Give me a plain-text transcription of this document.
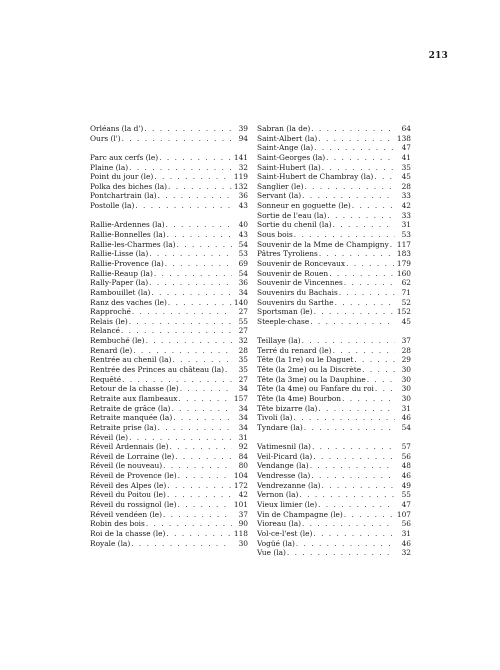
213
Orléans (la d') . . .	39
Ours (l') . . .	94
Parc aux cerfs (le) . . .	141
Plaine (la) . . .	32
Point du jour (le) . . .	119
Polka des biches (la) . . .	132
Pontchartrain (la) . . .	36
Postolle (la) . . .	43
Rallie-Ardennes (la) . . .	40
Rallie-Bonnelles (la) . . .	43
Rallie-les-Charmes (la) . . .	54
Rallie-Lisse (la) . . .	53
Rallie-Provence (la) . . .	69
Rallie-Reaup (la) . . .	54
Rally-Paper (la) . . .	36
Rambouillet (la) . . .	34
Ranz des vaches (le) . . .	140
Rapproché . . .	27
Relais (le) . . .	55
Relancé . . .	27
Rembuché (le) . . .	32
Renard (le) . . .	28
Rentrée au chenil (la) . . .	35
Rentrée des Princes au château (la) . . .	35
Requêté . . .	27
Retour de la chasse (le) . . .	34
Retraite aux flambeaux . . .	157
Retraite de grâce (la) . . .	34
Retraite manquée (la) . . .	34
Retraite prise (la) . . .	34
Réveil (le) . . .	31
Réveil Ardennais (le) . . .	92
Réveil de Lorraine (le) . . .	84
Réveil (le nouveau) . . .	80
Réveil de Provence (le) . . .	104
Réveil des Alpes (le) . . .	172
Réveil du Poitou (le) . . .	42
Réveil du rossignol (le) . . .	101
Réveil vendéen (le) . . .	37
Robin des bois . . .	90
Roi de la chasse (le) . . .	118
Royale (la) . . .	30
Sabran (la de) . . .	64
Saint-Albert (la) . . .	138
Saint-Ange (la) . . .	47
Saint-Georges (la) . . .	41
Saint-Hubert (la) . . .	35
Saint-Hubert de Chambray (la) . . .	45
Sanglier (le) . . .	28
Servant (la) . . .	33
Sonneur en goguette (le) . . .	42
Sortie de l'eau (la) . . .	33
Sortie du chenil (la) . . .	31
Sous bois . . .	53
Souvenir de la Mme de Champigny . . . 117
Pâtres Tyroliens . . .	183
Souvenir de Roncevaux . . .	179
Souvenir de Rouen . . .	160
Souvenir de Vincennes . . .	62
Souvenirs du Bachais . . .	71
Souvenirs du Sarthe . . .	52
Sportsman (le) . . .	152
Steeple-chase . . .	45
Teillaye (la) . . .	37
Terré du renard (le) . . .	28
Tête (la 1re) ou le Daguet . . .	29
Tête (la 2me) ou la Discrète . . .	30
Tête (la 3me) ou la Dauphine . . .	30
Tête (la 4me) ou Fanfare du roi . . .	30
Tête (la 4me) Bourbon . . .	30
Tête bizarre (la) . . .	31
Tivoli (la) . . .	46
Tyndare (la) . . .	54
Vatimesnil (la) . . .	57
Veil-Picard (la) . . .	56
Vendange (la) . . .	48
Vendresse (la) . . .	46
Vendrezanne (la) . . .	49
Vernon (la) . . .	55
Vieux limier (le) . . .	47
Vin de Champagne (le) . . .	107
Vioreau (la) . . .	56
Vol-ce-l'est (le) . . .	31
Vogüé (la) . . .	46
Vue (la) . . .	32
